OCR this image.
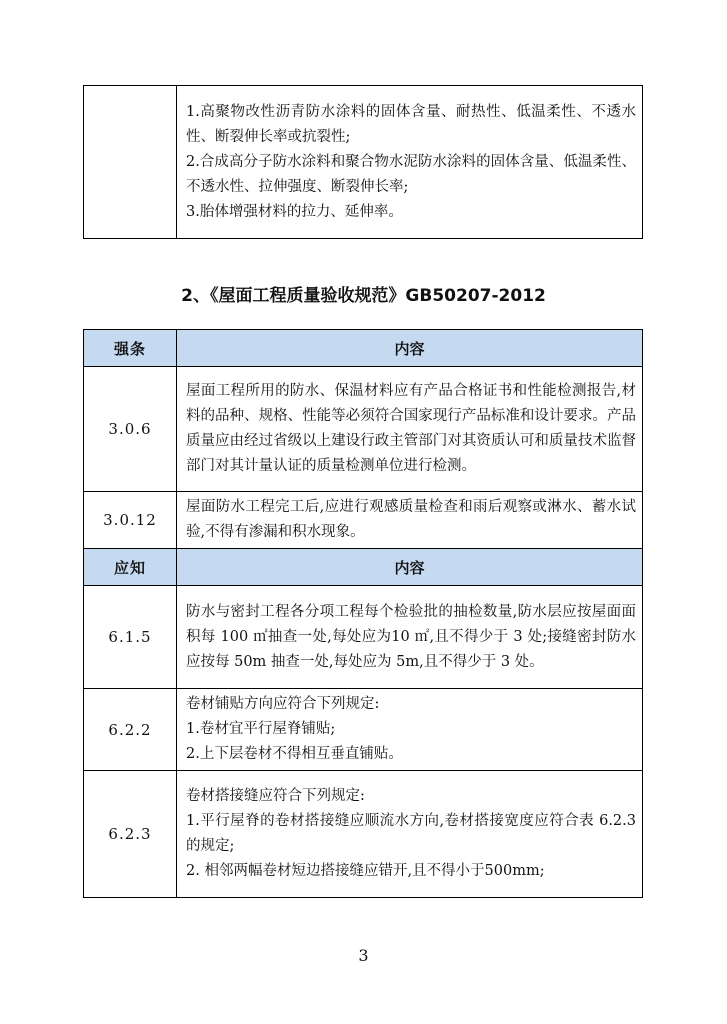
1.高聚物改性沥青防水涂料的固体含量、耐热性、低温柔性、不透水性、断裂伸长率或抗裂性;
2.合成高分子防水涂料和聚合物水泥防水涂料的固体含量、低温柔性、不透水性、拉伸强度、断裂伸长率;
3.胎体增强材料的拉力、延伸率。
2、《屋面工程质量验收规范》GB50207-2012
强条	内容
3.0.6	屋面工程所用的防水、保温材料应有产品合格证书和性能检测报告,材料的品种、规格、性能等必须符合国家现行产品标准和设计要求。产品质量应由经过省级以上建设行政主管部门对其资质认可和质量技术监督部门对其计量认证的质量检测单位进行检测。
3.0.12	屋面防水工程完工后,应进行观感质量检查和雨后观察或淋水、蓄水试验,不得有渗漏和积水现象。
应知	内容
6.1.5	防水与密封工程各分项工程每个检验批的抽检数量,防水层应按屋面面积每 100 ㎡抽查一处,每处应为10 ㎡,且不得少于 3 处;接缝密封防水应按每 50m 抽查一处,每处应为 5m,且不得少于 3 处。

6.2.2	卷材铺贴方向应符合下列规定:
1.卷材宜平行屋脊铺贴;
2.上下层卷材不得相互垂直铺贴。

6.2.3	卷材搭接缝应符合下列规定:
1.平行屋脊的卷材搭接缝应顺流水方向,卷材搭接宽度应符合表 6.2.3 的规定;
2. 相邻两幅卷材短边搭接缝应错开,且不得小于500mm;
3
